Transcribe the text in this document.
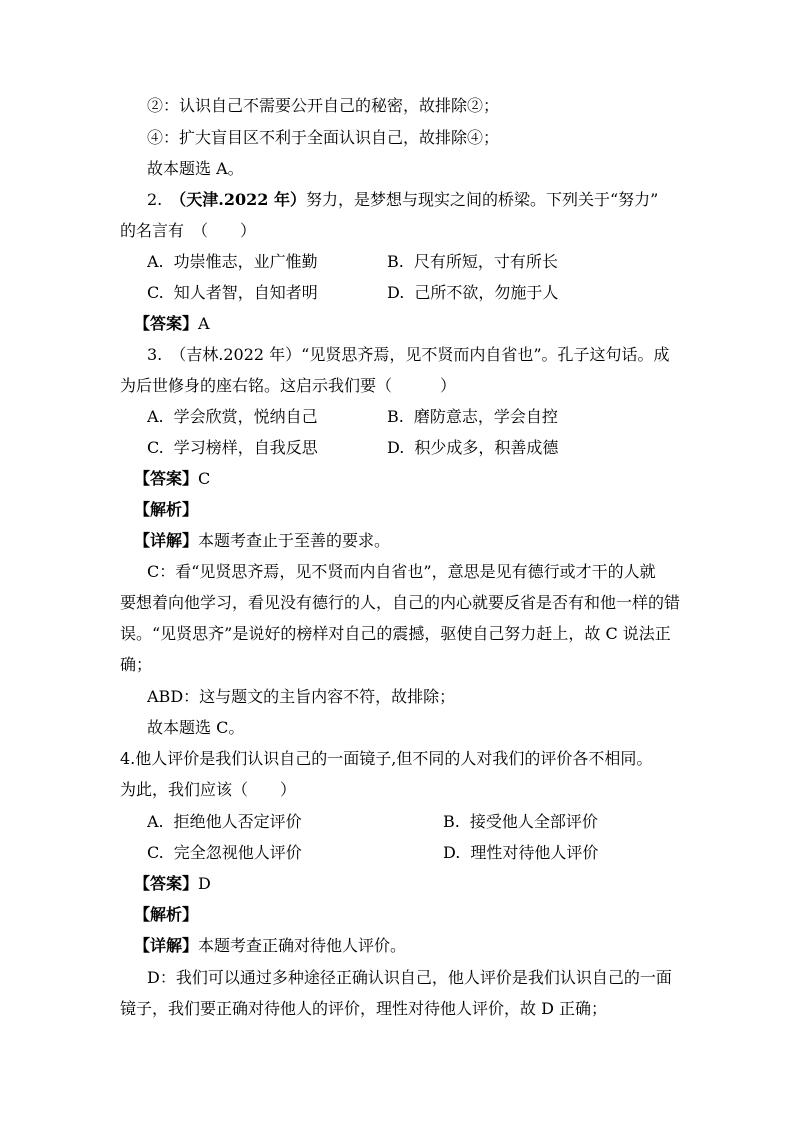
②：认识自己不需要公开自己的秘密，故排除②；
④：扩大盲目区不利于全面认识自己，故排除④；
故本题选 A。
2. （天津.2022 年）努力，是梦想与现实之间的桥梁。下列关于“努力”
的名言有　（　　）
A. 功崇惟志，业广惟勤	B. 尺有所短，寸有所长
C. 知人者智，自知者明	D. 己所不欲，勿施于人
【答案】A
3. （吉林.2022 年）“见贤思齐焉，见不贤而内自省也”。孔子这句话。成
为后世修身的座右铭。这启示我们要（　　　）
A. 学会欣赏，悦纳自己	B. 磨防意志，学会自控
C. 学习榜样，自我反思	D. 积少成多，积善成德
【答案】C
【解析】
【详解】本题考查止于至善的要求。
C：看“见贤思齐焉，见不贤而内自省也”，意思是见有德行或才干的人就
要想着向他学习，看见没有德行的人，自己的内心就要反省是否有和他一样的错
误。“见贤思齐”是说好的榜样对自己的震撼，驱使自己努力赶上，故 C 说法正
确；
ABD：这与题文的主旨内容不符，故排除；
故本题选 C。
4.他人评价是我们认识自己的一面镜子,但不同的人对我们的评价各不相同。
为此，我们应该（　　）
A. 拒绝他人否定评价	B. 接受他人全部评价
C. 完全忽视他人评价	D. 理性对待他人评价
【答案】D
【解析】
【详解】本题考查正确对待他人评价。
D：我们可以通过多种途径正确认识自己，他人评价是我们认识自己的一面
镜子，我们要正确对待他人的评价，理性对待他人评价，故 D 正确；
